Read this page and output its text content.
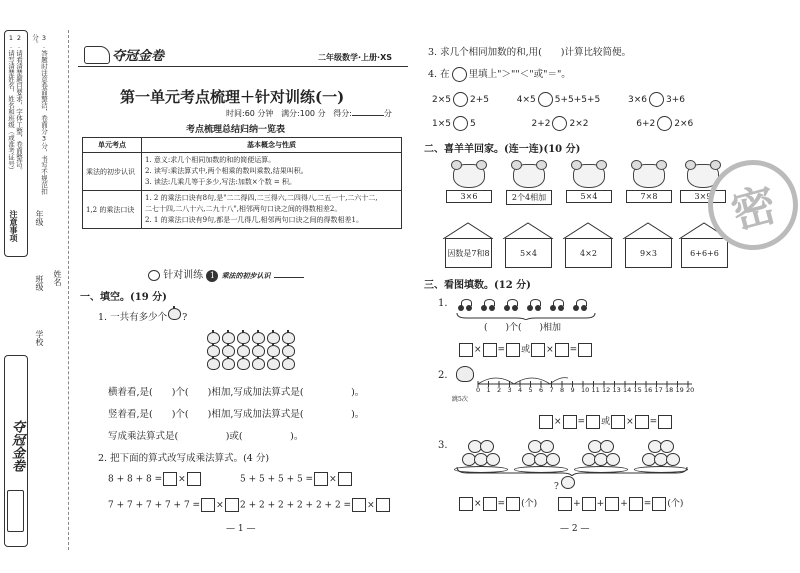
注意事项
1.请写清楚姓名，姓名和班级（或准考证号） 2.请看清楚题目要求，字体工整，卷面整洁。	3.答题时注意卷面整洁，卷面分3分，书写不规范扣分。
年级
姓名
学校
班级
夺冠金卷
夺冠金卷
第一单元考点梳理＋针对训练(一)
时间:60 分钟 满分:100 分 得分:	分
考点梳理总结归纳一览表
单元考点	基本概念与性质
乘法的初步认识	1. 意义:求几个相同加数的和的简便运算。
2. 读写:乘法算式中,两个相乘的数叫乘数,结果叫积。
3. 读法:几乘几等于多少,写法:加数×个数 = 积。

1,2 的乘法口诀	1. 2 的乘法口诀有8句,是"二二得四,二三得六,二四得八,二五一十,二六十二,
二七十四,二八十六,二九十八",相邻两句口诀之间的得数相差2。
2. 1 的乘法口诀有9句,都是一几得几,相邻两句口诀之间的得数相差1。
针对训练 1 乘法的初步认识
一、填空。(19 分)
1. 一共有多少个 ?
横着看,是(　　)个(　　)相加,写成加法算式是(　　　　　)。
竖着看,是(　　)个(　　)相加,写成加法算式是(　　　　　)。
写成乘法算式是(　　　　　)或(　　　　　)。
2. 把下面的算式改写成乘法算式。(4 分)
8 + 8 + 8 = ×	5 + 5 + 5 + 5 = ×
7 + 7 + 7 + 7 + 7 = ×	2 + 2 + 2 + 2 + 2 + 2 = ×
— 1 —
二年级数学·上册·XS	3. 求几个相同加数的和,用(　　)计算比较简便。
4. 在 里填上"＞""＜"或"＝"。
2×5 2+5	4×5 5+5+5+5	3×6 3+6
1×5 5	2+2 2×2	6+2 2×6
二、喜羊羊回家。(连一连)(10 分)
3×6	2个4相加	5×4	7×8	3×9
因数是7和8	5×4	4×2	9×3	6+6+6
密
三、看图填数。(12 分)
1.
(　　)个(　　)相加
× = 或 × =
2.
跳5次
0 1 2 3 4 5 6 7 8 9 10 11 12 13 14 15 16 17 18 19 20
× = 或 × =
3.

?
× = (个)	+ + + = (个)
— 2 —
